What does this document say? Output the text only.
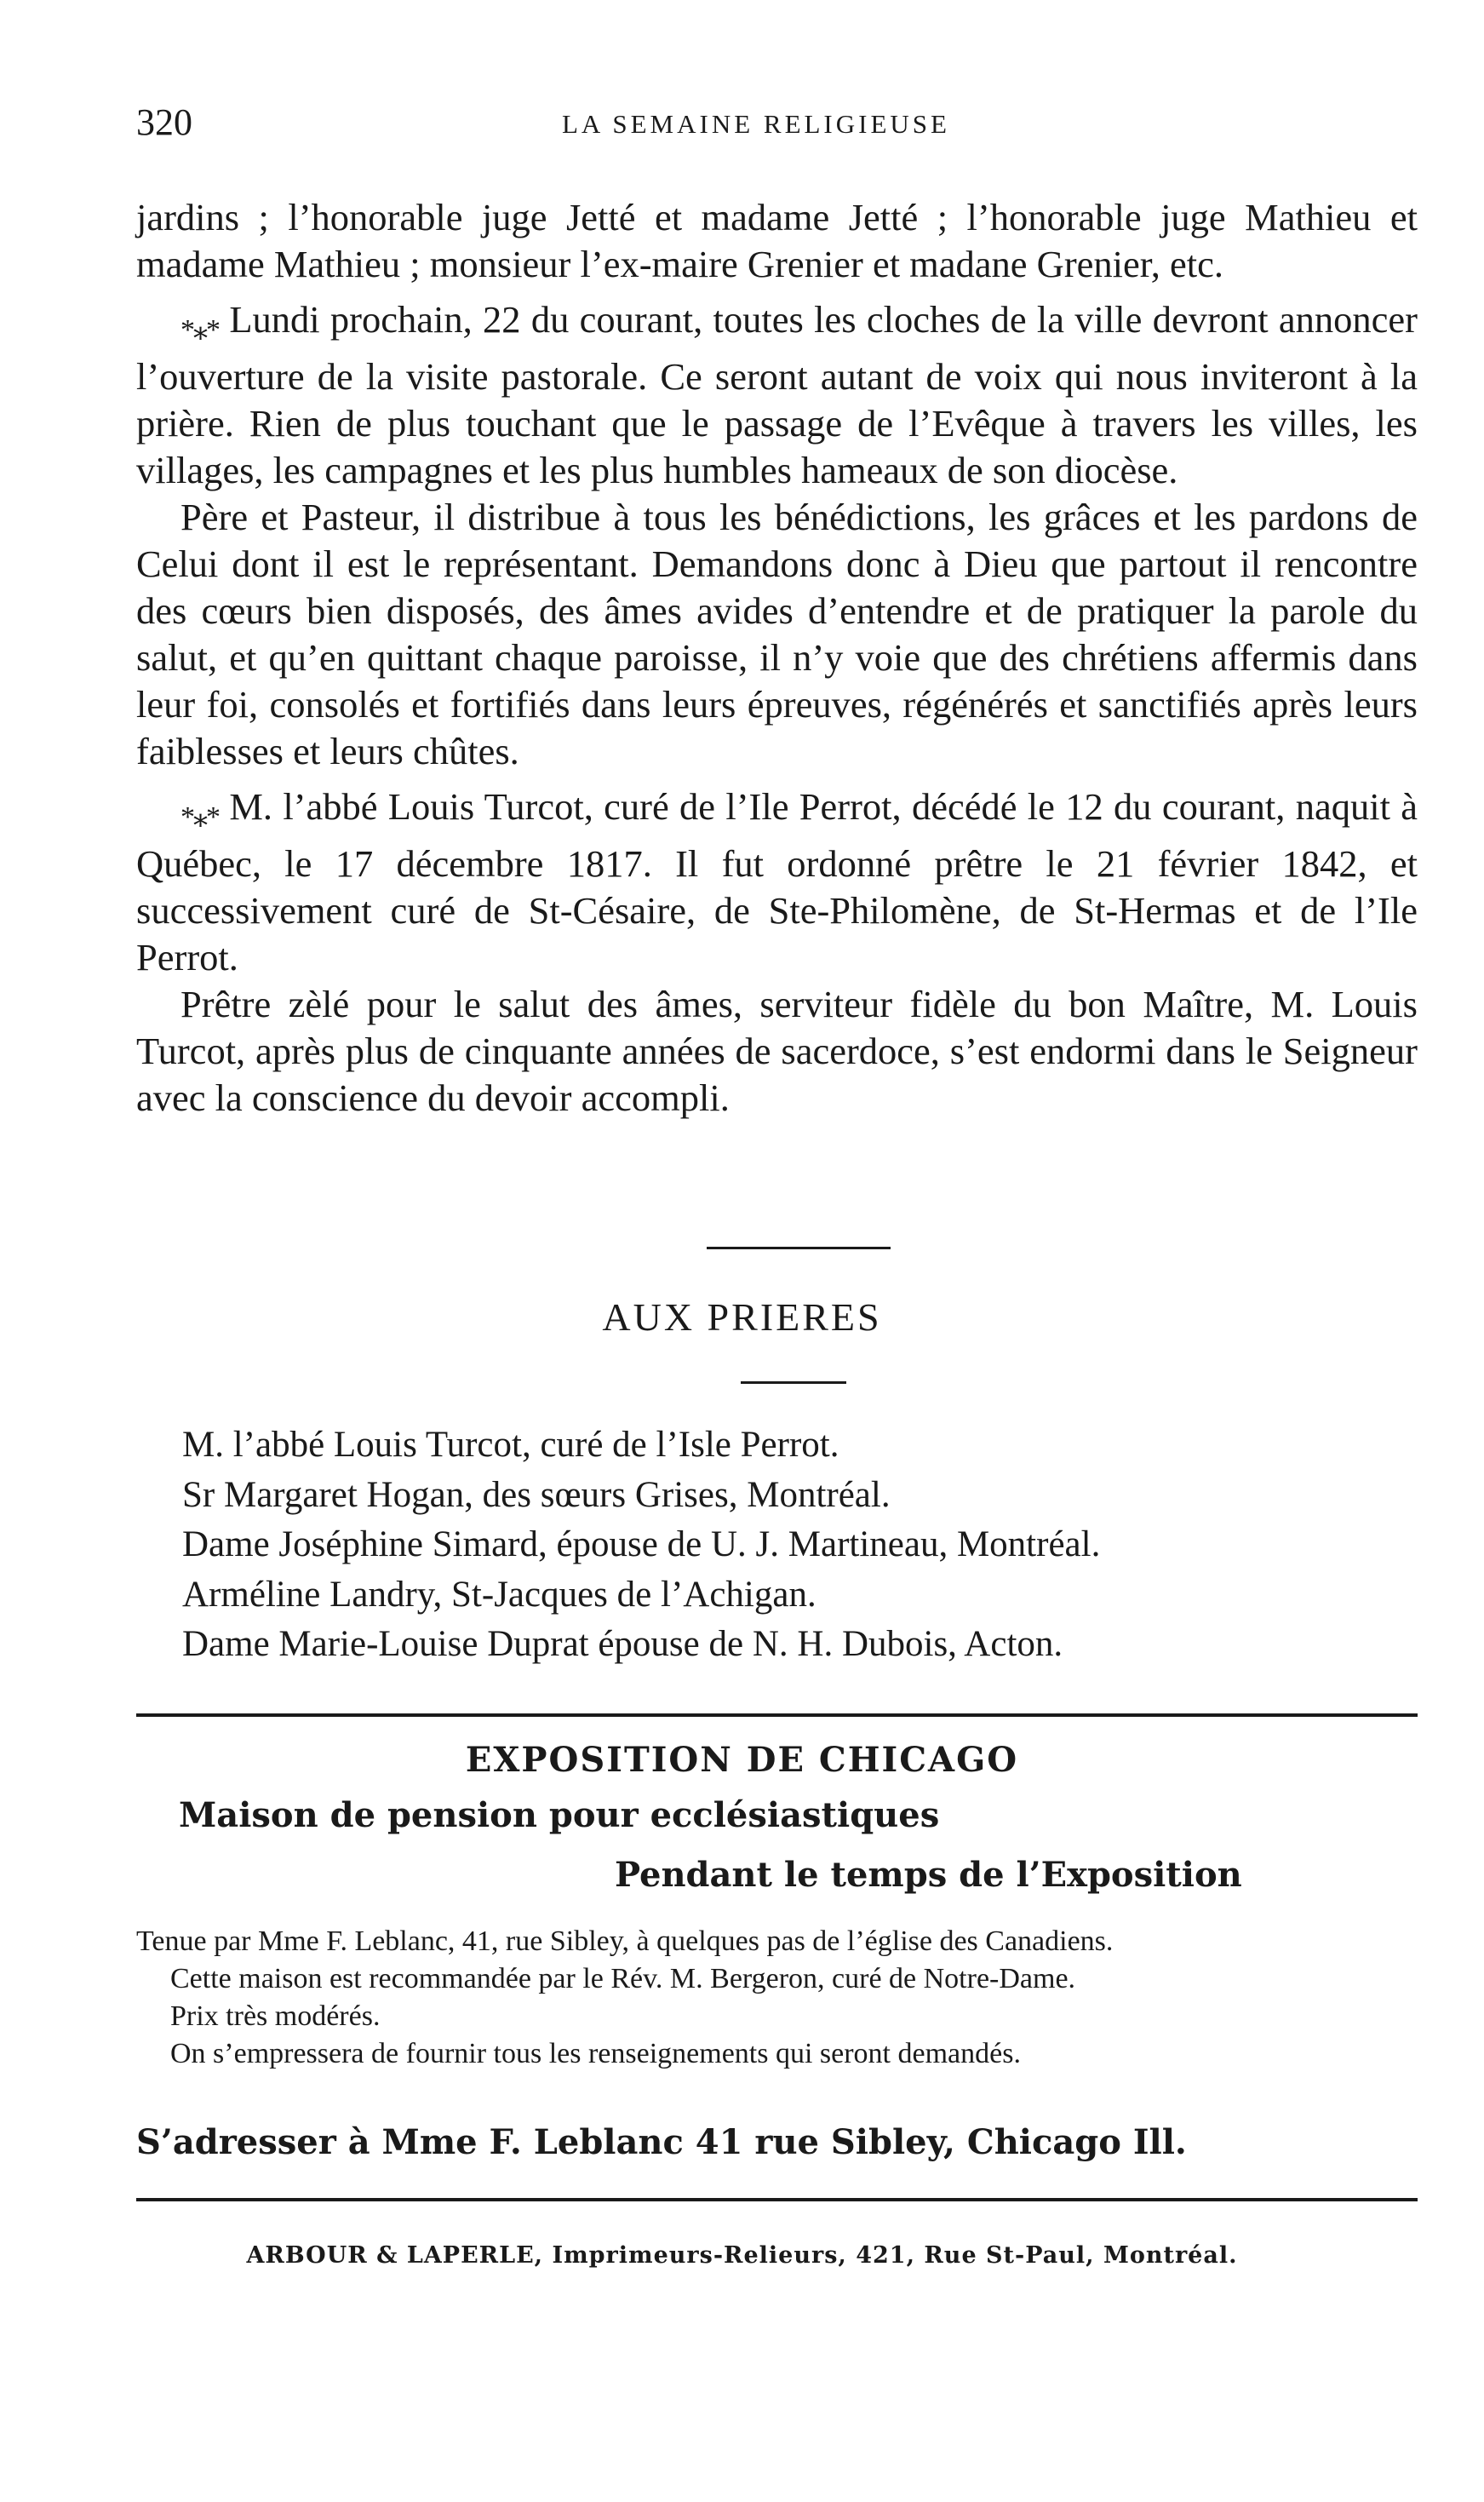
320	LA SEMAINE RELIGIEUSE

jardins ; l’honorable juge Jetté et madame Jetté ; l’honorable juge Mathieu et madame Mathieu ; monsieur l’ex-maire Grenier et madane Grenier, etc.

*⁎* Lundi prochain, 22 du courant, toutes les cloches de la ville devront annoncer l’ouverture de la visite pastorale. Ce seront autant de voix qui nous inviteront à la prière. Rien de plus touchant que le passage de l’Evêque à travers les villes, les villages, les campagnes et les plus humbles hameaux de son diocèse.

Père et Pasteur, il distribue à tous les bénédictions, les grâces et les pardons de Celui dont il est le représentant. Demandons donc à Dieu que partout il rencontre des cœurs bien disposés, des âmes avides d’entendre et de pratiquer la parole du salut, et qu’en quittant chaque paroisse, il n’y voie que des chrétiens affermis dans leur foi, consolés et fortifiés dans leurs épreuves, régénérés et sanctifiés après leurs faiblesses et leurs chûtes.

*⁎* M. l’abbé Louis Turcot, curé de l’Ile Perrot, décédé le 12 du courant, naquit à Québec, le 17 décembre 1817. Il fut ordonné prêtre le 21 février 1842, et successivement curé de St-Césaire, de Ste-Philomène, de St-Hermas et de l’Ile Perrot.

Prêtre zèlé pour le salut des âmes, serviteur fidèle du bon Maître, M. Louis Turcot, après plus de cinquante années de sacerdoce, s’est endormi dans le Seigneur avec la conscience du devoir accompli.

AUX PRIERES

M. l’abbé Louis Turcot, curé de l’Isle Perrot.

Sr Margaret Hogan, des sœurs Grises, Montréal.

Dame Joséphine Simard, épouse de U. J. Martineau, Montréal.

Arméline Landry, St-Jacques de l’Achigan.

Dame Marie-Louise Duprat épouse de N. H. Dubois, Acton.

EXPOSITION DE CHICAGO
Maison de pension pour ecclésiastiques
Pendant le temps de l’Exposition

Tenue par Mme F. Leblanc, 41, rue Sibley, à quelques pas de l’église des Canadiens.

Cette maison est recommandée par le Rév. M. Bergeron, curé de Notre-Dame.

Prix très modérés.

On s’empressera de fournir tous les renseignements qui seront demandés.

S’adresser à Mme F. Leblanc 41 rue Sibley, Chicago Ill.
ARBOUR & LAPERLE, Imprimeurs-Relieurs, 421, Rue St-Paul, Montréal.
